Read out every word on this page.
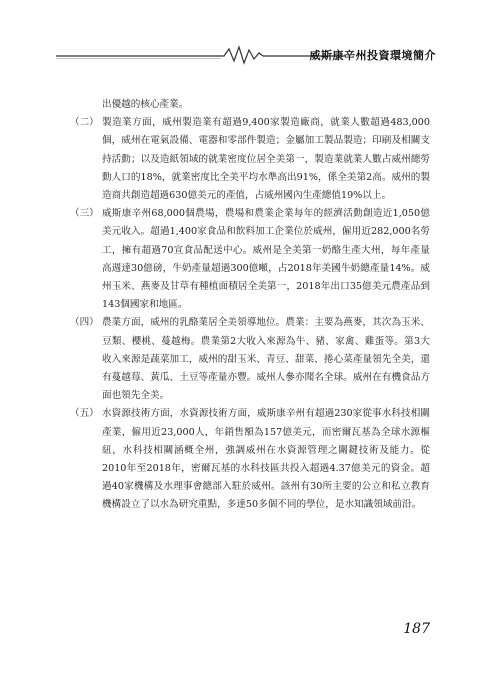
威斯康辛州投資環境簡介
出優越的核心產業。
（二） 製造業方面，威州製造業有超過9,400家製造廠商，就業人數超過483,000個，威州在電氣設備、電器和零部件製造；金屬加工製品製造；印刷及相關支持活動；以及造紙領域的就業密度位居全美第一，製造業就業人數占威州總勞動人口的18%，就業密度比全美平均水準高出91%，係全美第2高。威州的製造商共創造超過630億美元的產值，占威州國內生產總值19%以上。

（三） 威斯康辛州68,000個農場，農場和農業企業每年的經濟活動創造近1,050億美元收入。超過1,400家食品和飲料加工企業位於威州，僱用近282,000名勞工，擁有超過70宣食品配送中心。威州是全美第一奶酪生產大州，每年產量高週達30億磅，牛奶產量超過300億噸，占2018年美國牛奶總產量14%。威州玉米、燕麥及甘草有種植面積居全美第一，2018年出口35億美元農產品到143個國家和地區。

（四） 農業方面，威州的乳酪業居全美領導地位。農業：主要為燕麥，其次為玉米、豆類、櫻桃、蔓越梅。農業第2大收入來源為牛、豬、家禽、雞蛋等。第3大收入來源是蔬菜加工，威州的甜玉米、青豆、甜菜、捲心菜產量領先全美，還有蔓越莓、黃瓜、土豆等產量亦豐。威州人參亦聞名全球。威州在有機食品方面也領先全美。

（五） 水資源技術方面，水資源技術方面，威斯康辛州有超過230家從事水科技相關產業，僱用近23,000人，年銷售額為157億美元，而密爾瓦基為全球水源樞紐，水科技相關涵概全州，強調威州在水資源管理之關鍵技術及能力。從2010年至2018年，密爾瓦基的水科技區共投入超過4.37億美元的資金。超過40家機構及水理事會總部入駐於威州。該州有30所主要的公立和私立教育機構設立了以水為研究重點，多達50多個不同的學位，是水知識領域前沿。

187
